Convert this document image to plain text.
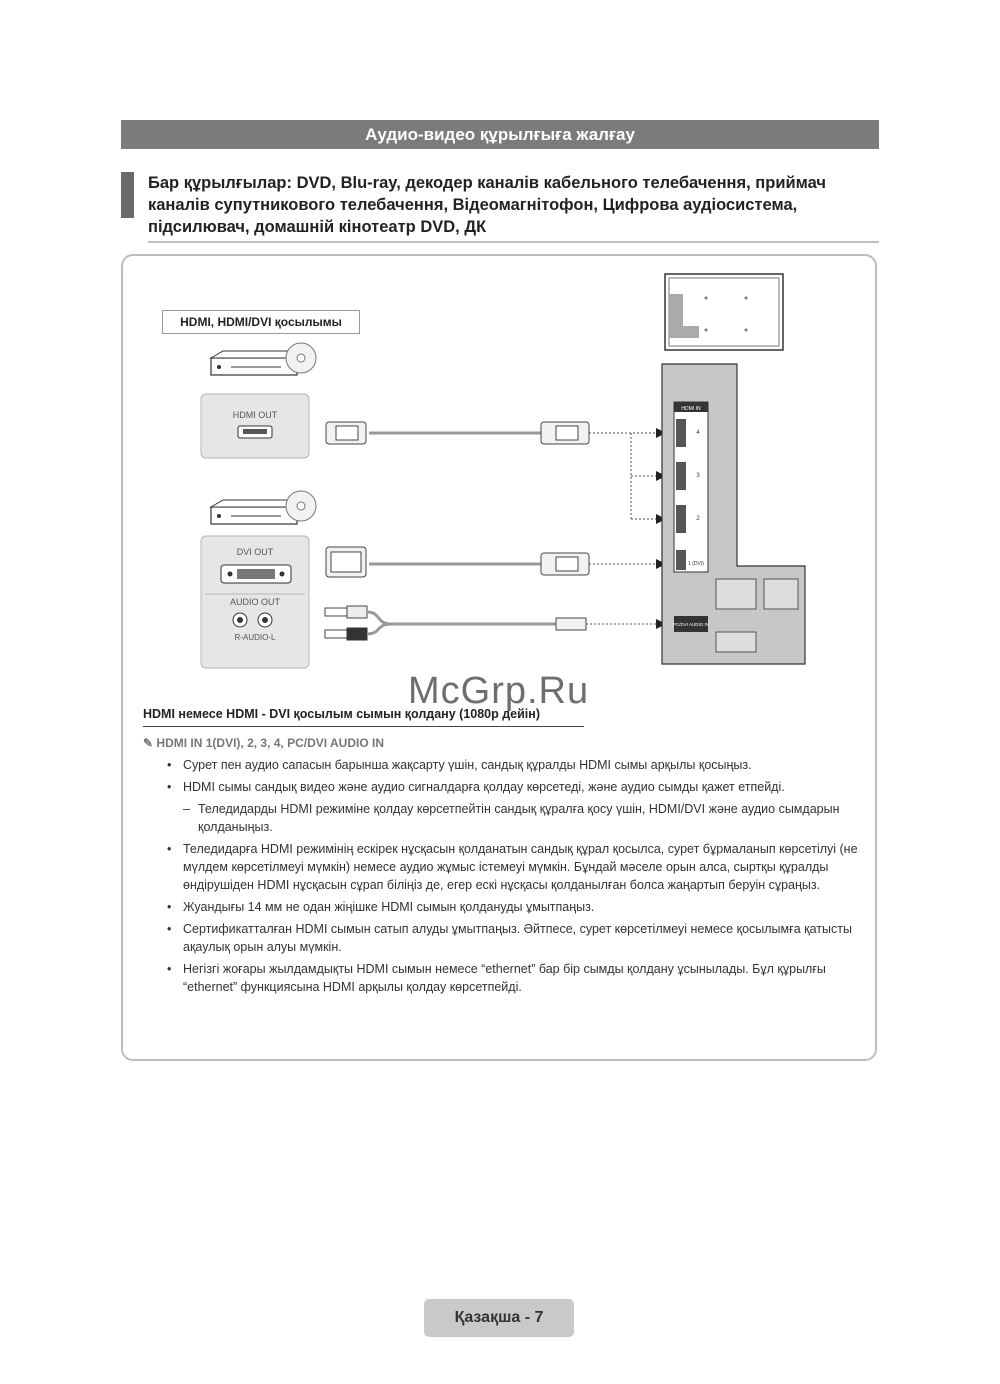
Аудио-видео құрылғыға жалғау
Бар құрылғылар: DVD, Blu-ray, декодер каналів кабельного телебачення, приймач каналів супутникового телебачення, Відеомагнітофон, Цифрова аудіосистема, підсилювач, домашній кінотеатр DVD, ДК
HDMI, HDMI/DVI қосылымы
HDMI OUT
DVI OUT
AUDIO OUT
R-AUDIO-L
HDMI IN
4
3
2
1 (DVI)
PC/DVI AUDIO IN
McGrp.Ru
HDMI немесе HDMI - DVI қосылым сымын қолдану (1080p дейін)
✎ HDMI IN 1(DVI), 2, 3, 4, PC/DVI AUDIO IN
• Сурет пен аудио сапасын барынша жақсарту үшін, сандық құралды HDMI сымы арқылы қосыңыз.
• HDMI сымы сандық видео және аудио сигналдарға қолдау көрсетеді, және аудио сымды қажет етпейді.
– Теледидарды HDMI режиміне қолдау көрсетпейтін сандық құралға қосу үшін, HDMI/DVI және аудио сымдарын қолданыңыз.
• Теледидарға HDMI режимінің ескірек нұсқасын қолданатын сандық құрал қосылса, сурет бұрмаланып көрсетілуі (не мүлдем көрсетілмеуі мүмкін) немесе аудио жұмыс істемеуі мүмкін. Бұндай мәселе орын алса, сыртқы құралды өндірушіден HDMI нұсқасын сұрап біліңіз де, егер ескі нұсқасы қолданылған болса жаңартып беруін сұраңыз.
• Жуандығы 14 мм не одан жіңішке HDMI сымын қолдануды ұмытпаңыз.
• Сертификатталған HDMI сымын сатып алуды ұмытпаңыз. Әйтпесе, сурет көрсетілмеуі немесе қосылымға қатысты ақаулық орын алуы мүмкін.
• Негізгі жоғары жылдамдықты HDMI сымын немесе “ethernet” бар бір сымды қолдану ұсынылады. Бұл құрылғы “ethernet” функциясына HDMI арқылы қолдау көрсетпейді.
Қазақша - 7
